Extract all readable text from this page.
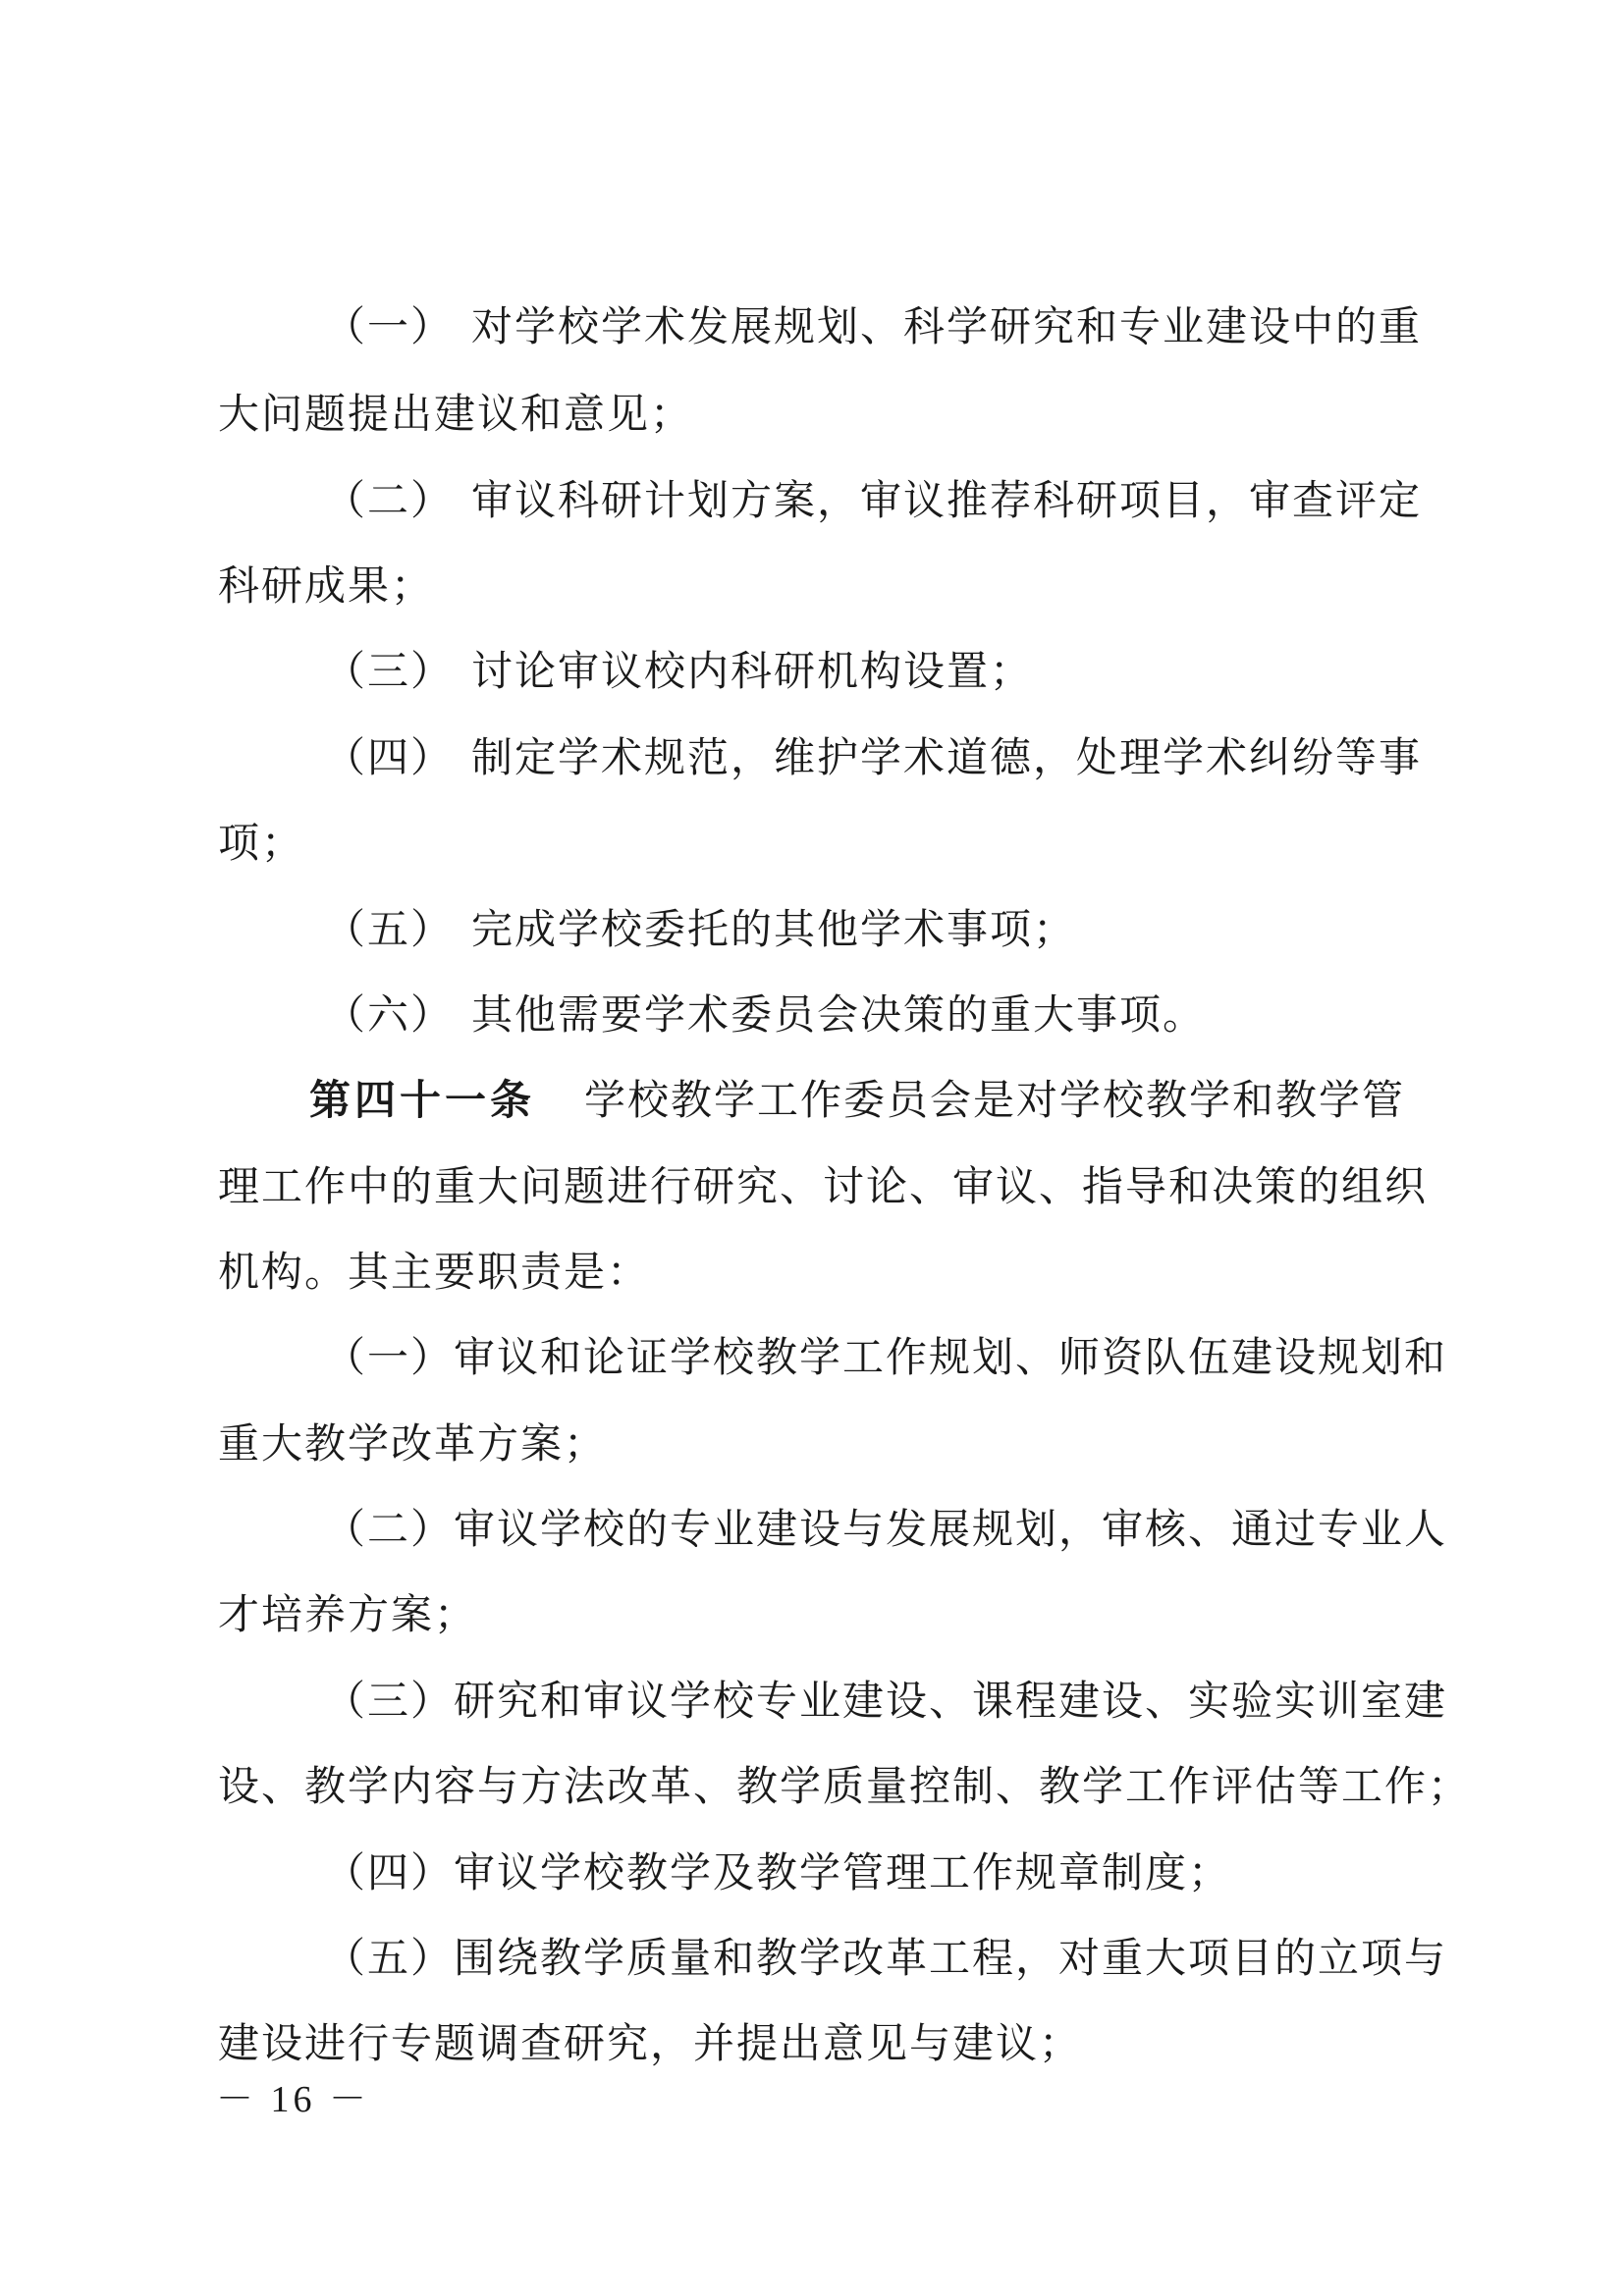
（一） 对学校学术发展规划、科学研究和专业建设中的重
大问题提出建议和意见；
（二） 审议科研计划方案，审议推荐科研项目，审查评定
科研成果；
（三） 讨论审议校内科研机构设置；
（四） 制定学术规范，维护学术道德，处理学术纠纷等事
项；
（五） 完成学校委托的其他学术事项；
（六） 其他需要学术委员会决策的重大事项。
第四十一条 学校教学工作委员会是对学校教学和教学管
理工作中的重大问题进行研究、讨论、审议、指导和决策的组织
机构。其主要职责是：
（一）审议和论证学校教学工作规划、师资队伍建设规划和
重大教学改革方案；
（二）审议学校的专业建设与发展规划，审核、通过专业人
才培养方案；
（三）研究和审议学校专业建设、课程建设、实验实训室建
设、教学内容与方法改革、教学质量控制、教学工作评估等工作；
（四）审议学校教学及教学管理工作规章制度；
（五）围绕教学质量和教学改革工程，对重大项目的立项与
建设进行专题调查研究，并提出意见与建议；
－ 16 －
